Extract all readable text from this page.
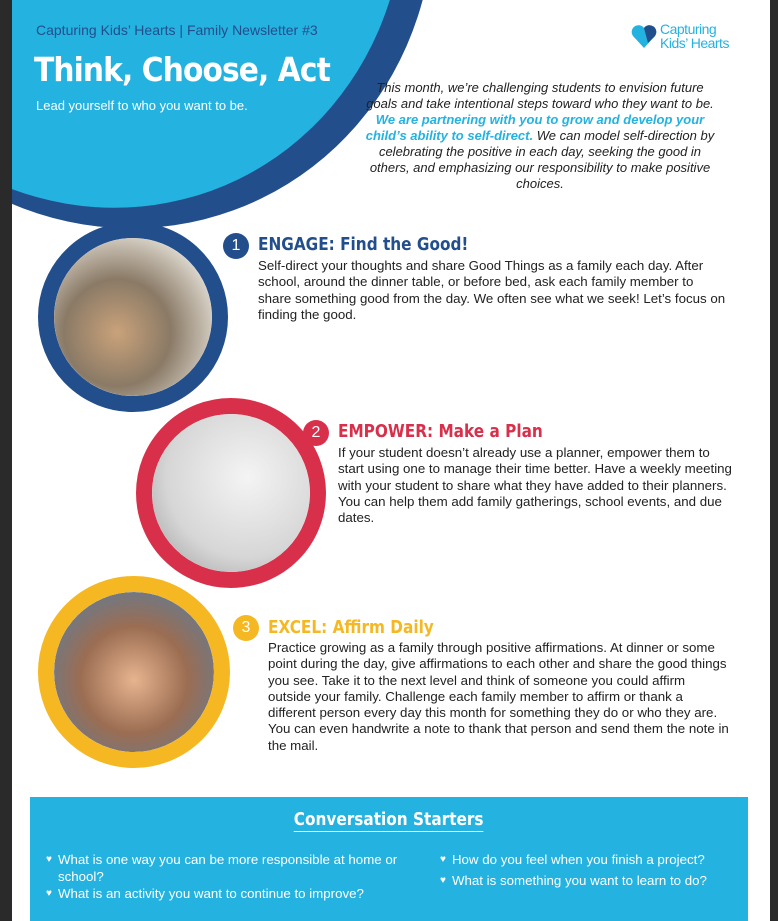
Capturing Kids’ Hearts | Family Newsletter #3
Think, Choose, Act
Lead yourself to who you want to be.
Capturing
Kids’ Hearts
This month, we’re challenging students to envision future goals and take intentional steps toward who they want to be. We are partnering with you to grow and develop your child’s ability to self-direct. We can model self-direction by celebrating the positive in each day, seeking the good in others, and emphasizing our responsibility to make positive choices.
1 ENGAGE: Find the Good!
Self-direct your thoughts and share Good Things as a family each day. After school, around the dinner table, or before bed, ask each family member to share something good from the day. We often see what we seek! Let’s focus on finding the good.
2 EMPOWER: Make a Plan
If your student doesn’t already use a planner, empower them to start using one to manage their time better. Have a weekly meeting with your student to share what they have added to their planners. You can help them add family gatherings, school events, and due dates.
3 EXCEL: Affirm Daily
Practice growing as a family through positive affirmations. At dinner or some point during the day, give affirmations to each other and share the good things you see. Take it to the next level and think of someone you could affirm outside your family. Challenge each family member to affirm or thank a different person every day this month for something they do or who they are. You can even handwrite a note to thank that person and send them the note in the mail.
Conversation Starters
♥ What is one way you can be more responsible at home or school?
♥ What is an activity you want to continue to improve?
♥ How do you feel when you finish a project?
♥ What is something you want to learn to do?
